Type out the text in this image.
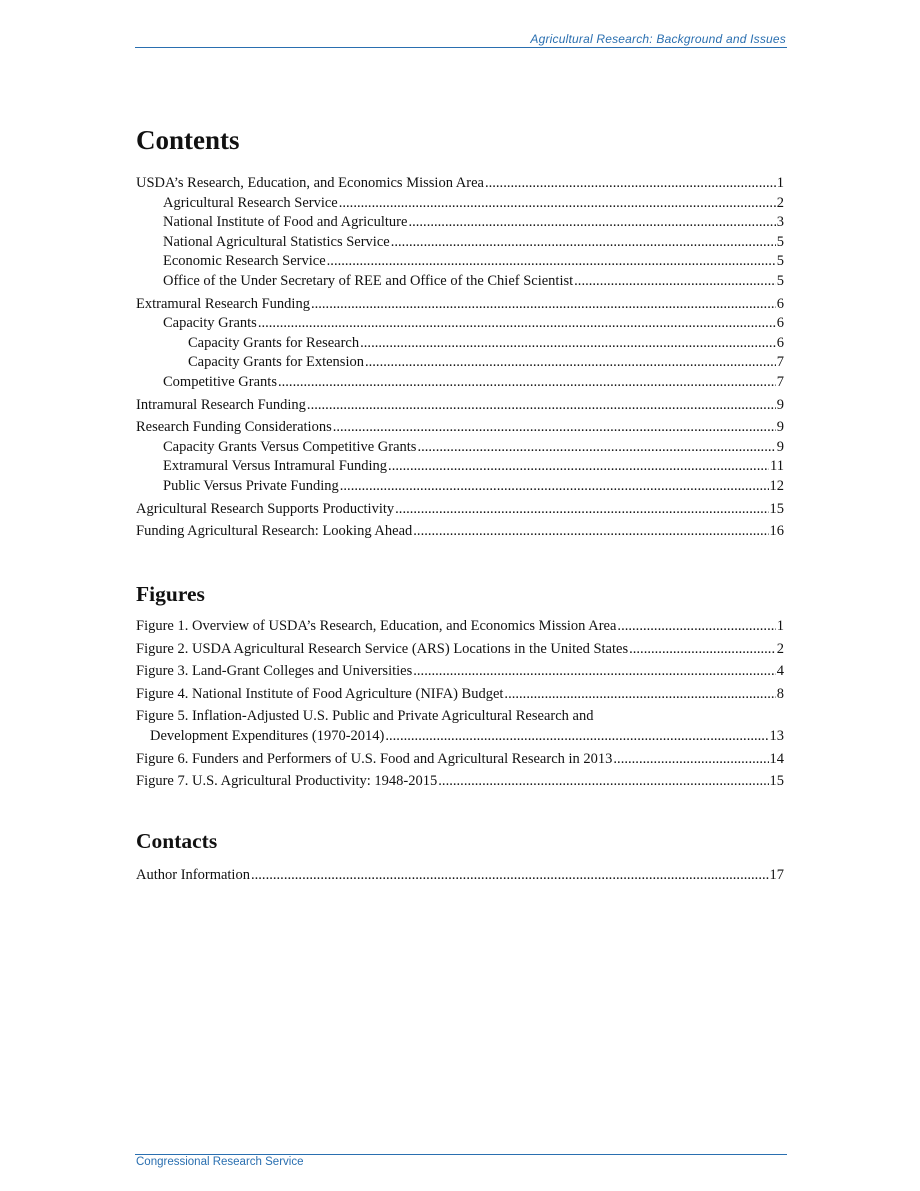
Agricultural Research: Background and Issues
Contents
USDA’s Research, Education, and Economics Mission Area . . .	1
Agricultural Research Service . . .	2
National Institute of Food and Agriculture . . .	3
National Agricultural Statistics Service . . .	5
Economic Research Service . . .	5
Office of the Under Secretary of REE and Office of the Chief Scientist . . .	5
Extramural Research Funding . . .	6
Capacity Grants . . .	6
Capacity Grants for Research . . .	6
Capacity Grants for Extension . . .	7
Competitive Grants . . .	7
Intramural Research Funding . . .	9
Research Funding Considerations . . .	9
Capacity Grants Versus Competitive Grants . . .	9
Extramural Versus Intramural Funding . . .	11
Public Versus Private Funding . . .	12
Agricultural Research Supports Productivity . . .	15
Funding Agricultural Research: Looking Ahead . . .	16
Figures
Figure 1. Overview of USDA’s Research, Education, and Economics Mission Area . . .	1
Figure 2. USDA Agricultural Research Service (ARS) Locations in the United States . . .	2
Figure 3. Land-Grant Colleges and Universities . . .	4
Figure 4. National Institute of Food Agriculture (NIFA) Budget . . .	8
Figure 5. Inflation-Adjusted U.S. Public and Private Agricultural Research and
Development Expenditures (1970-2014) . . .	13
Figure 6. Funders and Performers of U.S. Food and Agricultural Research in 2013 . . .	14
Figure 7. U.S. Agricultural Productivity: 1948-2015 . . .	15
Contacts
Author Information . . .	17
Congressional Research Service
